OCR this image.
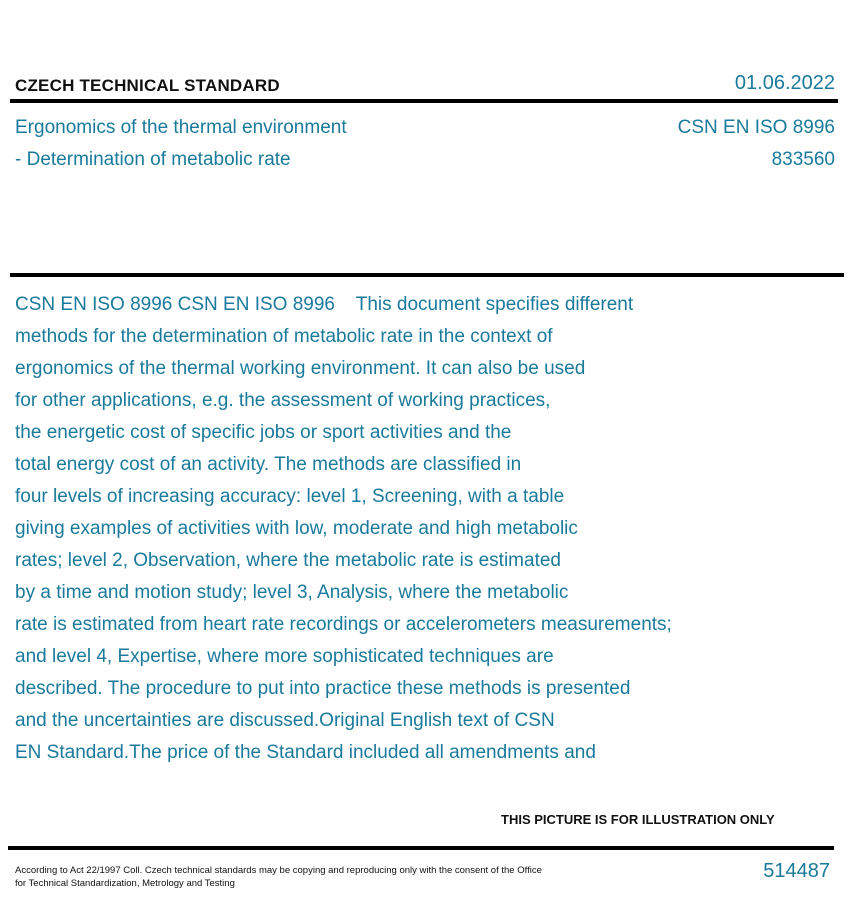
CZECH TECHNICAL STANDARD	01.06.2022
Ergonomics of the thermal environment
- Determination of metabolic rate
CSN EN ISO 8996
833560
CSN EN ISO 8996 CSN EN ISO 8996    This document specifies different
methods for the determination of metabolic rate in the context of
ergonomics of the thermal working environment. It can also be used
for other applications, e.g. the assessment of working practices,
the energetic cost of specific jobs or sport activities and the
total energy cost of an activity. The methods are classified in
four levels of increasing accuracy: level 1, Screening, with a table
giving examples of activities with low, moderate and high metabolic
rates; level 2, Observation, where the metabolic rate is estimated
by a time and motion study; level 3, Analysis, where the metabolic
rate is estimated from heart rate recordings or accelerometers measurements;
and level 4, Expertise, where more sophisticated techniques are
described. The procedure to put into practice these methods is presented
and the uncertainties are discussed.Original English text of CSN
EN Standard.The price of the Standard included all amendments and
THIS PICTURE IS FOR ILLUSTRATION ONLY
According to Act 22/1997 Coll. Czech technical standards may be copying and reproducing only with the consent of the Office
for Technical Standardization, Metrology and Testing
514487
